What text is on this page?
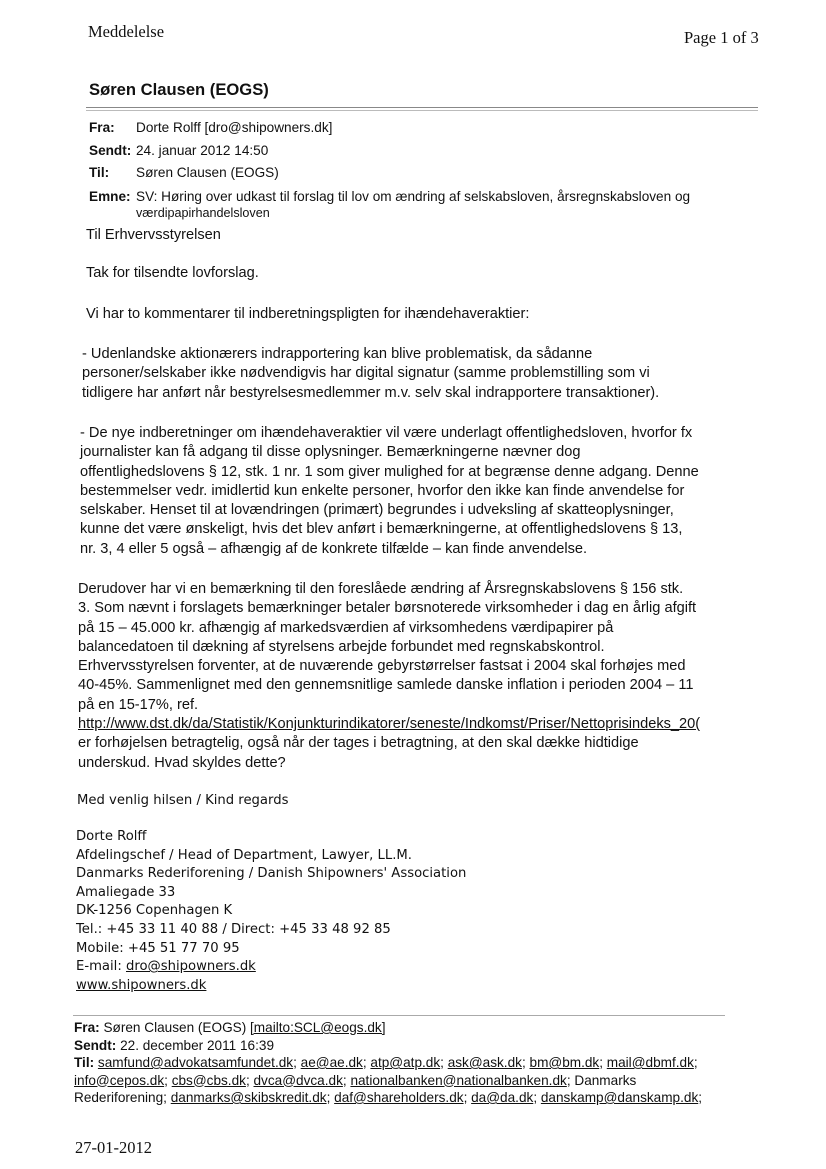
Meddelelse	Page 1 of 3
Søren Clausen (EOGS)
Fra: Dorte Rolff [dro@shipowners.dk]
Sendt: 24. januar 2012 14:50
Til: Søren Clausen (EOGS)
Emne: SV: Høring over udkast til forslag til lov om ændring af selskabsloven, årsregnskabsloven og
værdipapirhandelsloven
Til Erhvervsstyrelsen
Tak for tilsendte lovforslag.
Vi har to kommentarer til indberetningspligten for ihændehaveraktier:
- Udenlandske aktionærers indrapportering kan blive problematisk, da sådanne
personer/selskaber ikke nødvendigvis har digital signatur (samme problemstilling som vi
tidligere har anført når bestyrelsesmedlemmer m.v. selv skal indrapportere transaktioner).
- De nye indberetninger om ihændehaveraktier vil være underlagt offentlighedsloven, hvorfor fx
journalister kan få adgang til disse oplysninger. Bemærkningerne nævner dog
offentlighedslovens § 12, stk. 1 nr. 1 som giver mulighed for at begrænse denne adgang. Denne
bestemmelser vedr. imidlertid kun enkelte personer, hvorfor den ikke kan finde anvendelse for
selskaber. Henset til at lovændringen (primært) begrundes i udveksling af skatteoplysninger,
kunne det være ønskeligt, hvis det blev anført i bemærkningerne, at offentlighedslovens § 13,
nr. 3, 4 eller 5 også – afhængig af de konkrete tilfælde – kan finde anvendelse.
Derudover har vi en bemærkning til den foreslåede ændring af Årsregnskabslovens § 156 stk.
3. Som nævnt i forslagets bemærkninger betaler børsnoterede virksomheder i dag en årlig afgift
på 15 – 45.000 kr. afhængig af markedsværdien af virksomhedens værdipapirer på
balancedatoen til dækning af styrelsens arbejde forbundet med regnskabskontrol.
Erhvervsstyrelsen forventer, at de nuværende gebyrstørrelser fastsat i 2004 skal forhøjes med
40-45%. Sammenlignet med den gennemsnitlige samlede danske inflation i perioden 2004 – 11
på en 15-17%, ref.
http://www.dst.dk/da/Statistik/Konjunkturindikatorer/seneste/Indkomst/Priser/Nettoprisindeks_20(
er forhøjelsen betragtelig, også når der tages i betragtning, at den skal dække hidtidige
underskud. Hvad skyldes dette?
Med venlig hilsen / Kind regards
Dorte Rolff
Afdelingschef / Head of Department, Lawyer, LL.M.
Danmarks Rederiforening / Danish Shipowners' Association
Amaliegade 33
DK-1256 Copenhagen K
Tel.: +45 33 11 40 88 / Direct: +45 33 48 92 85
Mobile: +45 51 77 70 95
E-mail: dro@shipowners.dk
www.shipowners.dk
Fra: Søren Clausen (EOGS) [mailto:SCL@eogs.dk]
Sendt: 22. december 2011 16:39
Til: samfund@advokatsamfundet.dk; ae@ae.dk; atp@atp.dk; ask@ask.dk; bm@bm.dk; mail@dbmf.dk;
info@cepos.dk; cbs@cbs.dk; dvca@dvca.dk; nationalbanken@nationalbanken.dk; Danmarks
Rederiforening; danmarks@skibskredit.dk; daf@shareholders.dk; da@da.dk; danskamp@danskamp.dk;
27-01-2012
